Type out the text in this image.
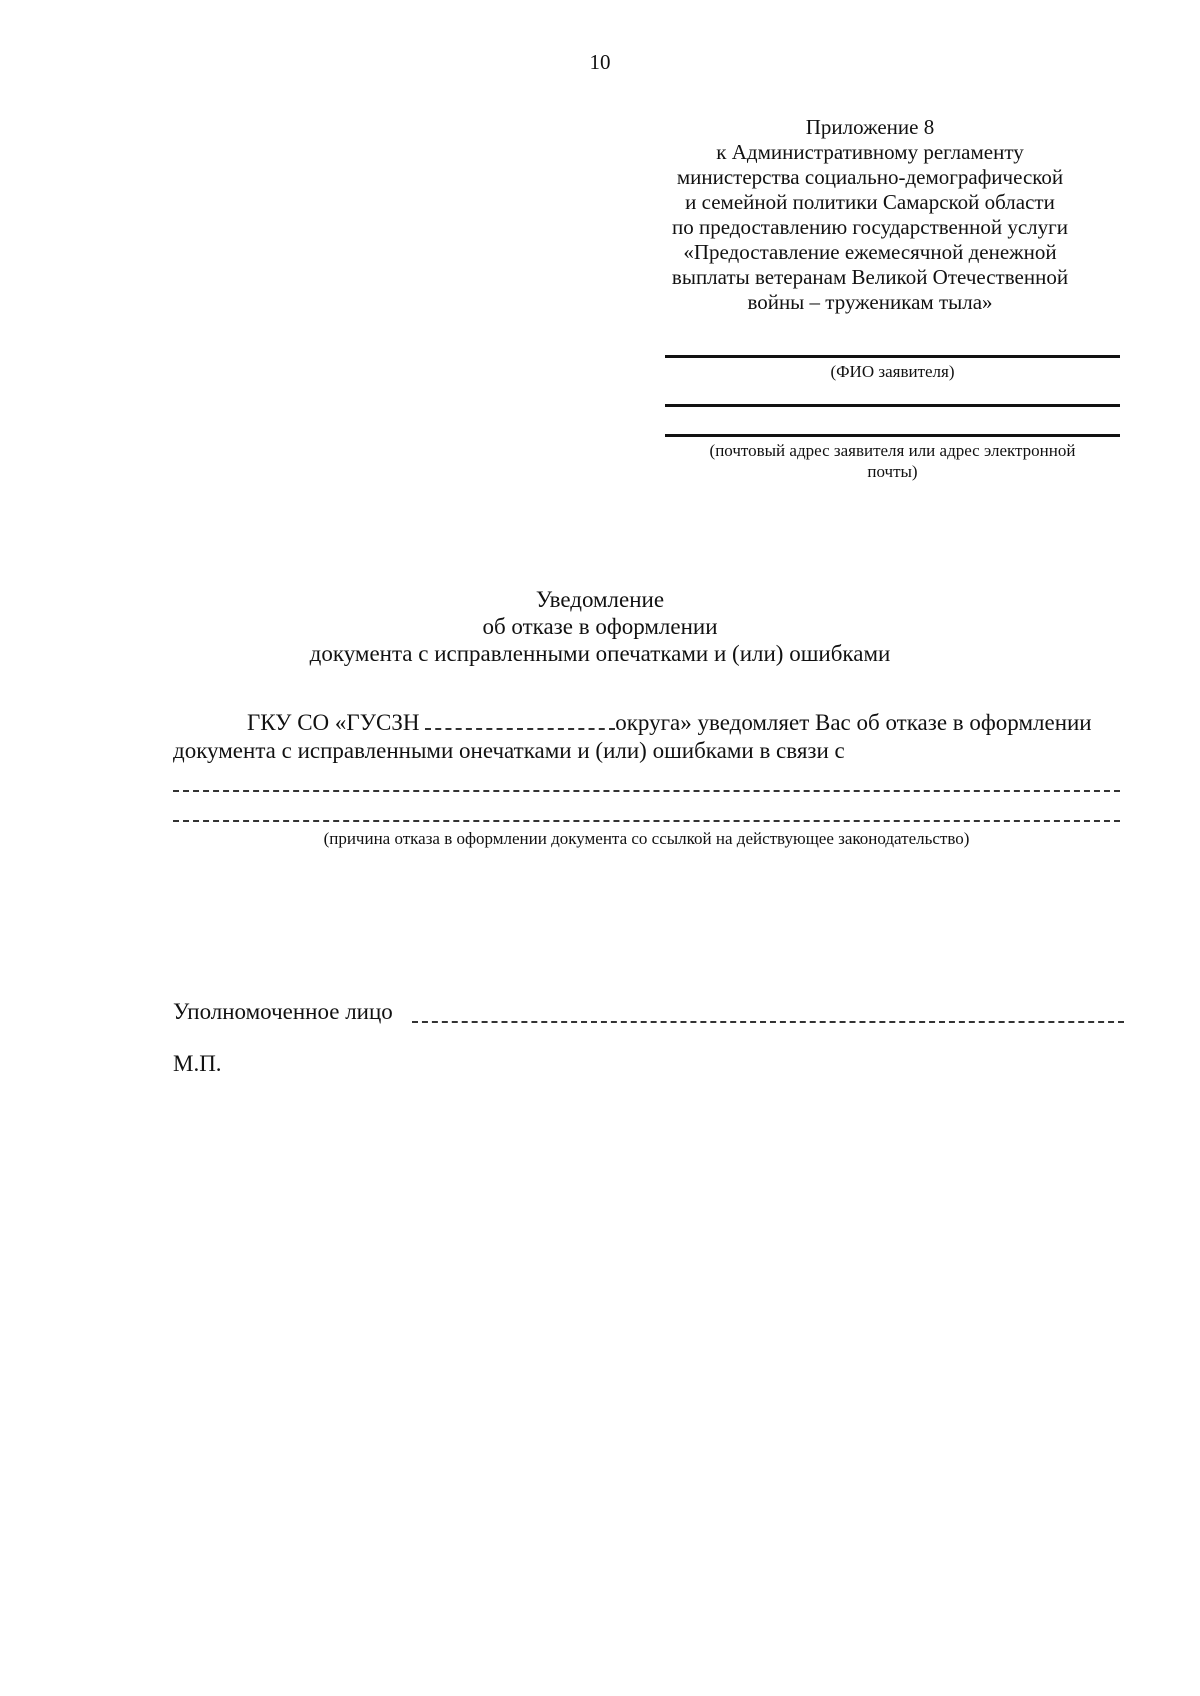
10
Приложение 8
к Административному регламенту
министерства социально-демографической
и семейной политики Самарской области
по предоставлению государственной услуги
«Предоставление ежемесячной денежной
выплаты ветеранам Великой Отечественной
войны – труженикам тыла»
(ФИО заявителя)
(почтовый адрес заявителя или адрес электронной
почты)
Уведомление
об отказе в оформлении
документа с исправленными опечатками и (или) ошибками
ГКУ СО «ГУСЗН	округа» уведомляет Вас об отказе в оформлении
документа с исправленными онечатками и (или) ошибками в связи с
(причина отказа в оформлении документа со ссылкой на действующее законодательство)
Уполномоченное лицо
М.П.
